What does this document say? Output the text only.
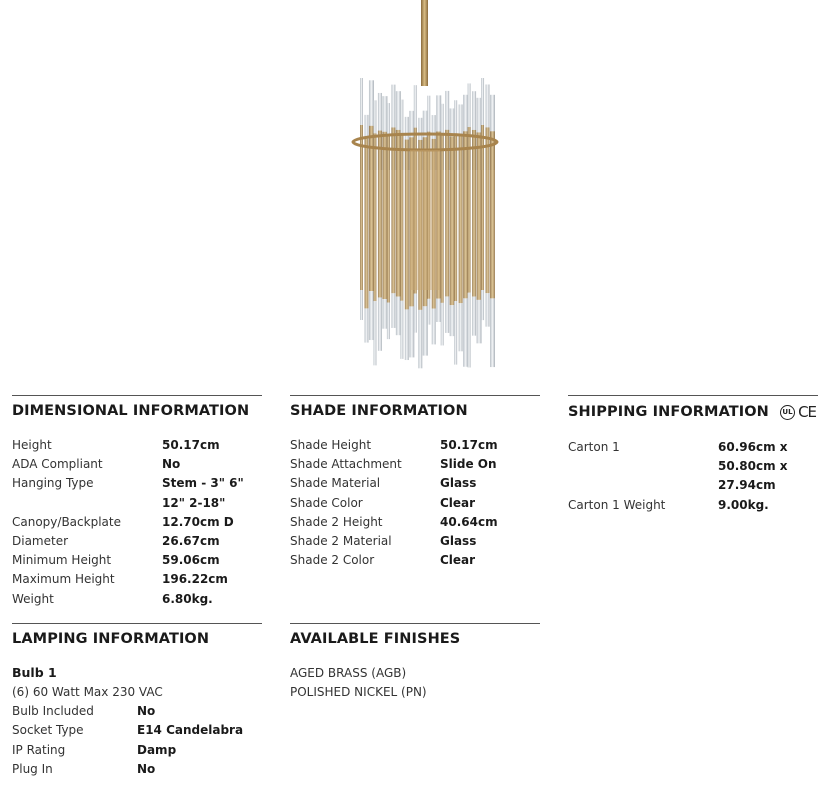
DIMENSIONAL INFORMATION
Height	50.17cm
ADA Compliant	No
Hanging Type	Stem - 3" 6" 12" 2-18"
Canopy/Backplate	12.70cm D
Diameter	26.67cm
Minimum Height	59.06cm
Maximum Height	196.22cm
Weight	6.80kg.
SHADE INFORMATION
Shade Height	50.17cm
Shade Attachment	Slide On
Shade Material	Glass
Shade Color	Clear
Shade 2 Height	40.64cm
Shade 2 Material	Glass
Shade 2 Color	Clear
SHIPPING INFORMATION	UL CE
Carton 1	60.96cm x 50.80cm x 27.94cm
Carton 1 Weight	9.00kg.
LAMPING INFORMATION
Bulb 1
(6) 60 Watt Max 230 VAC
Bulb Included	No
Socket Type	E14 Candelabra
IP Rating	Damp
Plug In	No
AVAILABLE FINISHES
AGED BRASS (AGB)
POLISHED NICKEL (PN)
